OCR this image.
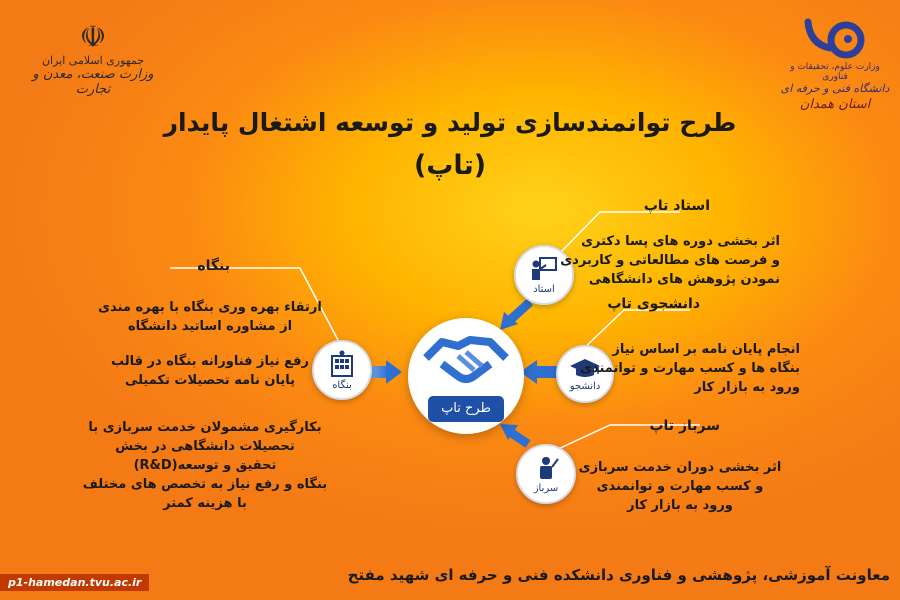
☫
جمهوری اسلامی ایران
وزارت صنعت، معدن و تجارت
وزارت علوم، تحقیقات و فناوری
دانشگاه فنی و حرفه ای
استان همدان
طرح توانمندسازی تولید و توسعه اشتغال پایدار
(تاپ)
طرح تاپ
استاد
استاد تاپ
اثر بخشی دوره های پسا دکتری
و فرصت های مطالعاتی و کاربردی
نمودن پژوهش های دانشگاهی
دانشجو
دانشجوی تاپ
انجام پایان نامه بر اساس نیاز
بنگاه ها و کسب مهارت و توانمندی
ورود به بازار کار
سرباز
سرباز تاپ
اثر بخشی دوران خدمت سربازی
و کسب مهارت و توانمندی
ورود به بازار کار
بنگاه
بنگاه
ارتقاء بهره وری بنگاه با بهره مندی
از مشاوره اساتید دانشگاه
رفع نیاز فناورانه بنگاه در قالب
پایان نامه تحصیلات تکمیلی
بکارگیری مشمولان خدمت سربازی با
تحصیلات دانشگاهی در بخش
تحقیق و توسعه(R&D)
بنگاه و رفع نیاز به تخصص های مختلف
با هزینه کمتر
معاونت آموزشی، پژوهشی و فناوری دانشکده فنی و حرفه ای شهید مفتح
p1-hamedan.tvu.ac.ir
